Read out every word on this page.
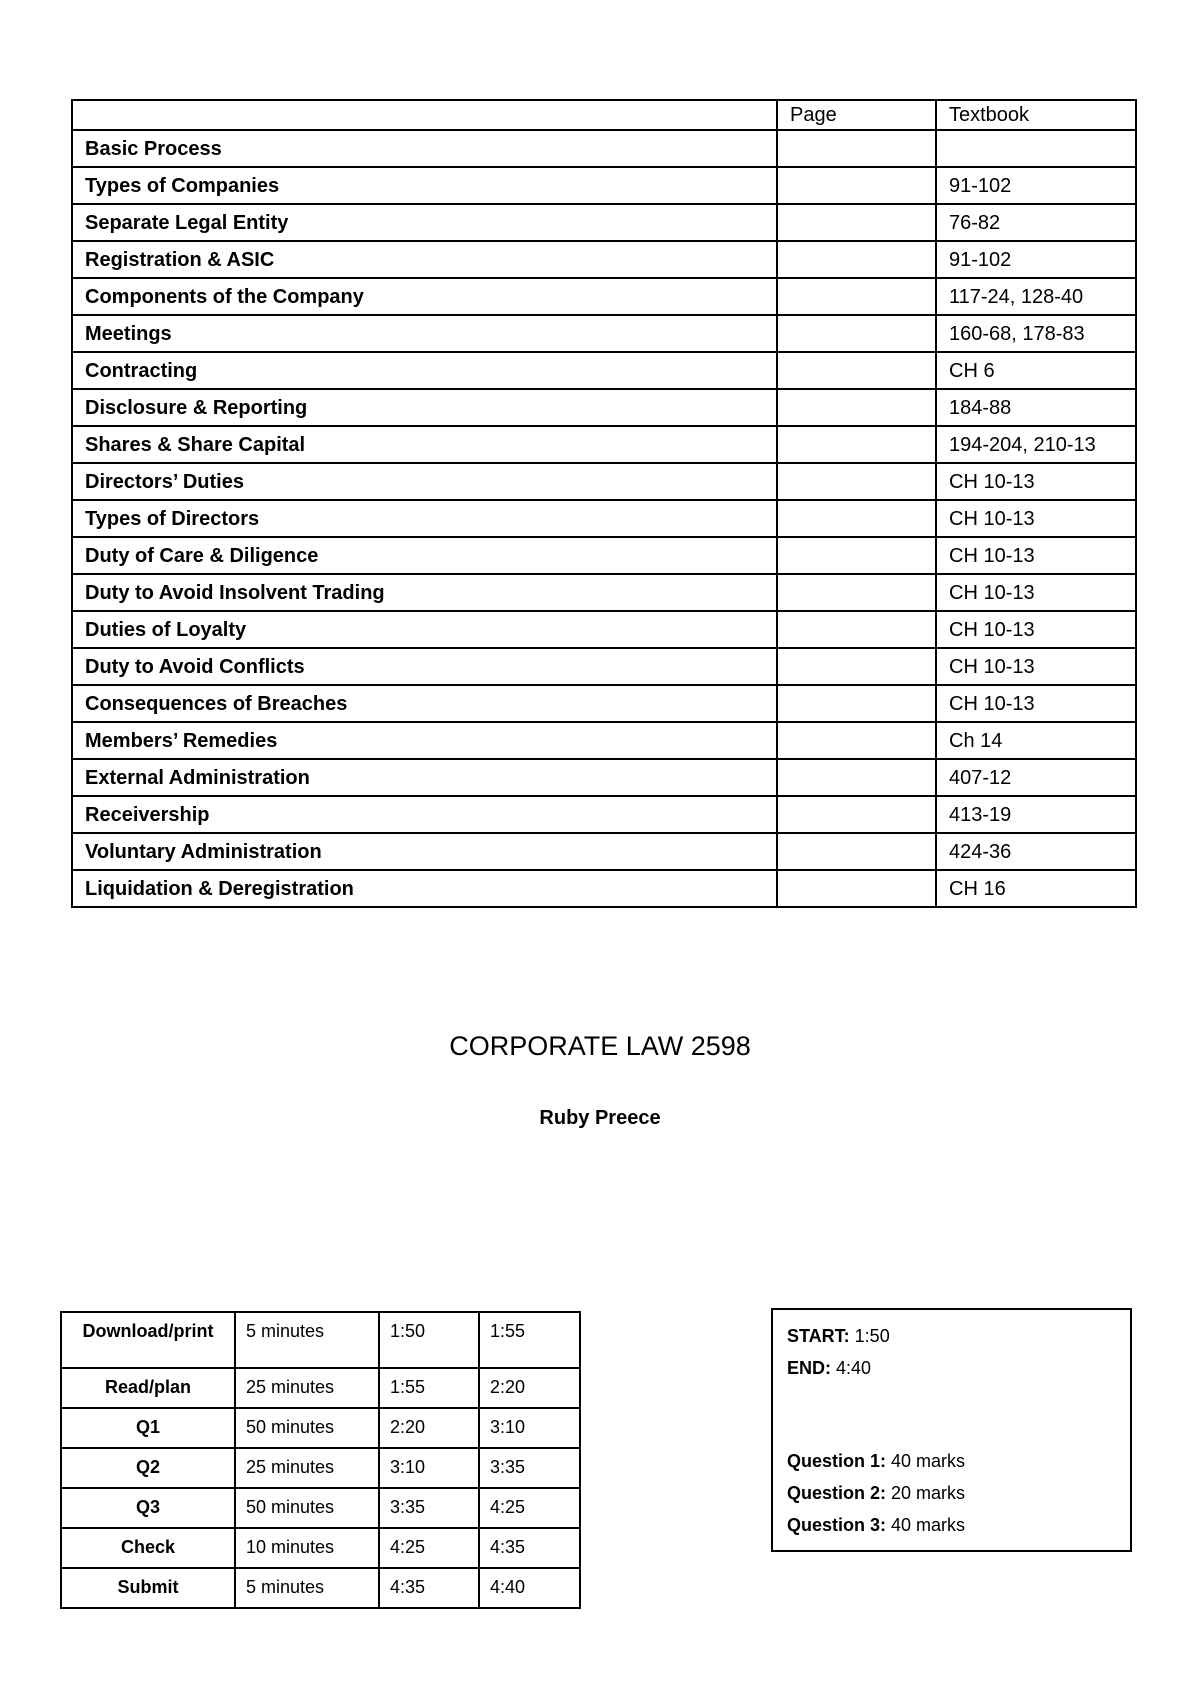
	Page	Textbook
Basic Process		
Types of Companies		91-102
Separate Legal Entity		76-82
Registration & ASIC		91-102
Components of the Company		117-24, 128-40
Meetings		160-68, 178-83
Contracting		CH 6
Disclosure & Reporting		184-88
Shares & Share Capital		194-204, 210-13
Directors’ Duties		CH 10-13
Types of Directors		CH 10-13
Duty of Care & Diligence		CH 10-13
Duty to Avoid Insolvent Trading		CH 10-13
Duties of Loyalty		CH 10-13
Duty to Avoid Conflicts		CH 10-13
Consequences of Breaches		CH 10-13
Members’ Remedies		Ch 14
External Administration		407-12
Receivership		413-19
Voluntary Administration		424-36
Liquidation & Deregistration		CH 16
CORPORATE LAW 2598
Ruby Preece
Download/print	5 minutes	1:50	1:55
Read/plan	25 minutes	1:55	2:20
Q1	50 minutes	2:20	3:10
Q2	25 minutes	3:10	3:35
Q3	50 minutes	3:35	4:25
Check	10 minutes	4:25	4:35
Submit	5 minutes	4:35	4:40
START: 1:50
END: 4:40
Question 1: 40 marks
Question 2: 20 marks
Question 3: 40 marks
